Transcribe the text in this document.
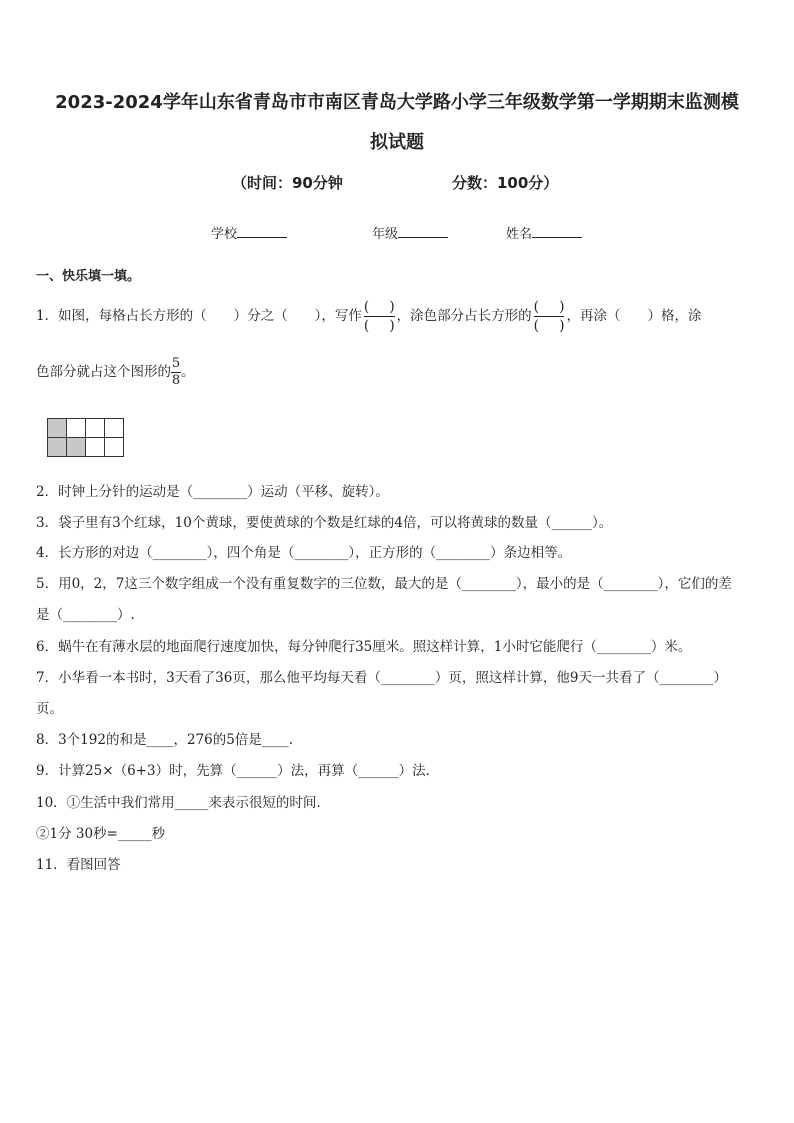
2023-2024学年山东省青岛市市南区青岛大学路小学三年级数学第一学期期末监测模
拟试题
（时间：90分钟	分数：100分）
学校	年级	姓名
一、快乐填一填。
1．如图，每格占长方形的（　　）分之（　　），写作 $\frac{( )}{( )}$ ，涂色部分占长方形的 $\frac{( )}{( )}$ ，再涂（　　）格，涂
色部分就占这个图形的$\frac{5}{8}$。
2．时钟上分针的运动是（________）运动（平移、旋转）。
3．袋子里有3个红球，10个黄球，要使黄球的个数是红球的4倍，可以将黄球的数量（______）。
4．长方形的对边（________），四个角是（________），正方形的（________）条边相等。
5．用0，2，7这三个数字组成一个没有重复数字的三位数，最大的是（________），最小的是（________），它们的差
是（________）.
6．蜗牛在有薄水层的地面爬行速度加快，每分钟爬行35厘米。照这样计算，1小时它能爬行（________）米。
7．小华看一本书时，3天看了36页，那么他平均每天看（________）页，照这样计算，他9天一共看了（________）
页。
8．3个192的和是____，276的5倍是____.
9．计算25×（6+3）时，先算（______）法，再算（______）法.
10．①生活中我们常用_____来表示很短的时间.
②1分 30秒=_____秒
11．看图回答
